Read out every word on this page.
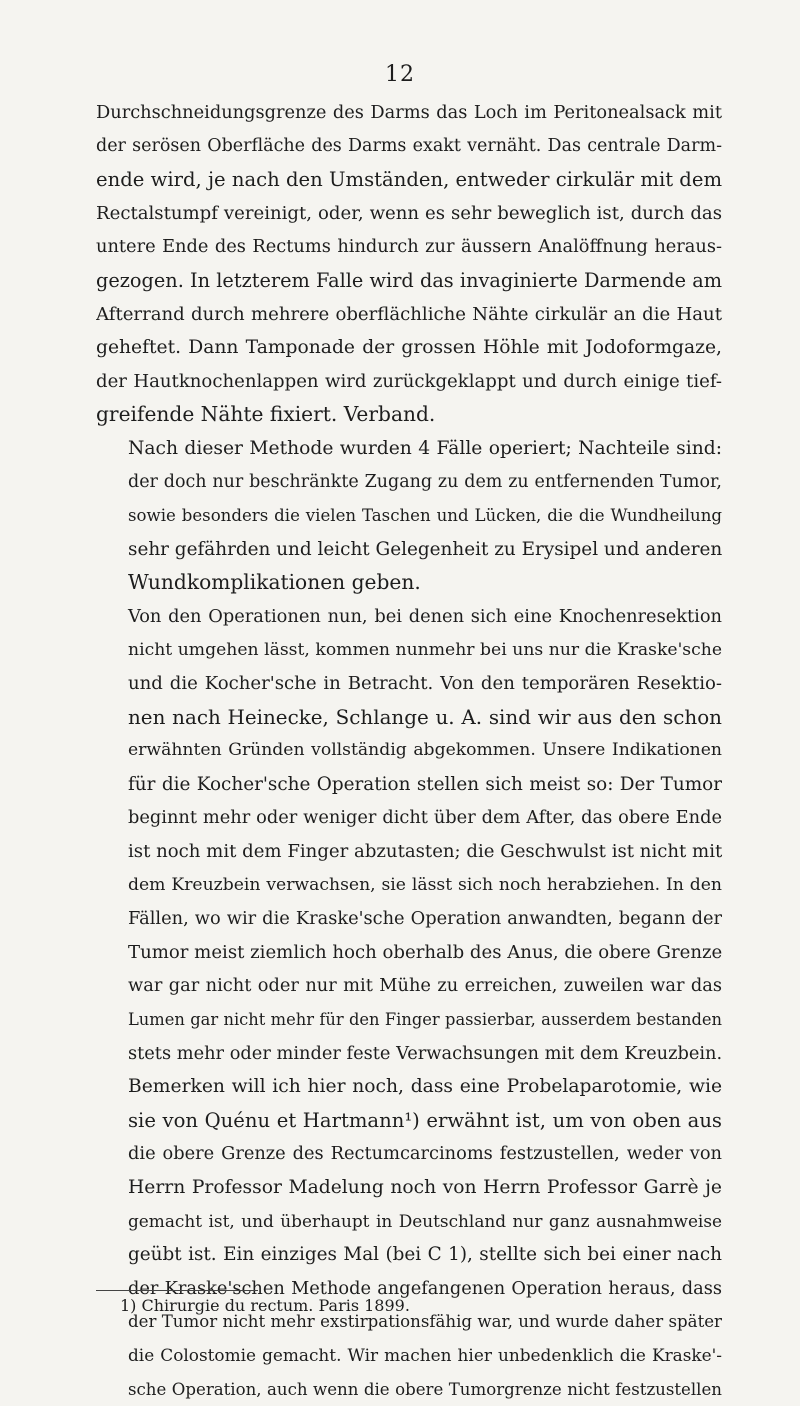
12

Durchschneidungsgrenze des Darms das Loch im Peritonealsack mit
der serösen Oberfläche des Darms exakt vernäht. Das centrale Darm-
ende wird, je nach den Umständen, entweder cirkulär mit dem
Rectalstumpf vereinigt, oder, wenn es sehr beweglich ist, durch das
untere Ende des Rectums hindurch zur äussern Analöffnung heraus-
gezogen. In letzterem Falle wird das invaginierte Darmende am
Afterrand durch mehrere oberflächliche Nähte cirkulär an die Haut
geheftet. Dann Tamponade der grossen Höhle mit Jodoformgaze,
der Hautknochenlappen wird zurückgeklappt und durch einige tief-
greifende Nähte fixiert. Verband.

Nach dieser Methode wurden 4 Fälle operiert; Nachteile sind:
der doch nur beschränkte Zugang zu dem zu entfernenden Tumor,
sowie besonders die vielen Taschen und Lücken, die die Wundheilung
sehr gefährden und leicht Gelegenheit zu Erysipel und anderen
Wundkomplikationen geben.

Von den Operationen nun, bei denen sich eine Knochenresektion
nicht umgehen lässt, kommen nunmehr bei uns nur die Kraske'sche
und die Kocher'sche in Betracht. Von den temporären Resektio-
nen nach Heinecke, Schlange u. A. sind wir aus den schon
erwähnten Gründen vollständig abgekommen. Unsere Indikationen
für die Kocher'sche Operation stellen sich meist so: Der Tumor
beginnt mehr oder weniger dicht über dem After, das obere Ende
ist noch mit dem Finger abzutasten; die Geschwulst ist nicht mit
dem Kreuzbein verwachsen, sie lässt sich noch herabziehen. In den
Fällen, wo wir die Kraske'sche Operation anwandten, begann der
Tumor meist ziemlich hoch oberhalb des Anus, die obere Grenze
war gar nicht oder nur mit Mühe zu erreichen, zuweilen war das
Lumen gar nicht mehr für den Finger passierbar, ausserdem bestanden
stets mehr oder minder feste Verwachsungen mit dem Kreuzbein.

Bemerken will ich hier noch, dass eine Probelaparotomie, wie
sie von Quénu et Hartmann¹) erwähnt ist, um von oben aus
die obere Grenze des Rectumcarcinoms festzustellen, weder von
Herrn Professor Madelung noch von Herrn Professor Garrè je
gemacht ist, und überhaupt in Deutschland nur ganz ausnahmweise
geübt ist. Ein einziges Mal (bei C 1), stellte sich bei einer nach
der Kraske'schen Methode angefangenen Operation heraus, dass
der Tumor nicht mehr exstirpationsfähig war, und wurde daher später
die Colostomie gemacht. Wir machen hier unbedenklich die Kraske'-
sche Operation, auch wenn die obere Tumorgrenze nicht festzustellen

1) Chirurgie du rectum. Paris 1899.
